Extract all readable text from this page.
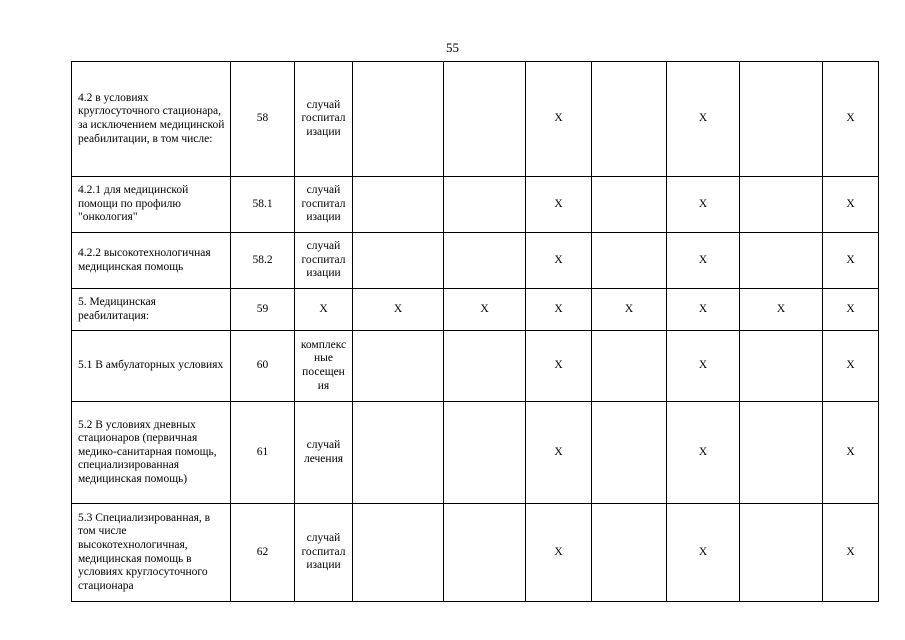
55
4.2 в условиях круглосуточного стационара, за исключением медицинской реабилитации, в том числе:	58	случай госпитал изации			X		X		X
4.2.1 для медицинской помощи по профилю "онкология"	58.1	случай госпитал изации			X		X		X
4.2.2 высокотехнологичная медицинская помощь	58.2	случай госпитал изации			X		X		X
5. Медицинская реабилитация:	59	X	X	X	X	X	X	X	X
5.1 В амбулаторных условиях	60	комплекс ные посещен ия			X		X		X
5.2 В условиях дневных стационаров (первичная медико-санитарная помощь, специализированная медицинская помощь)	61	случай лечения			X		X		X
5.3 Специализированная, в том числе высокотехнологичная, медицинская помощь в условиях круглосуточного стационара	62	случай госпитал изации			X		X		X
